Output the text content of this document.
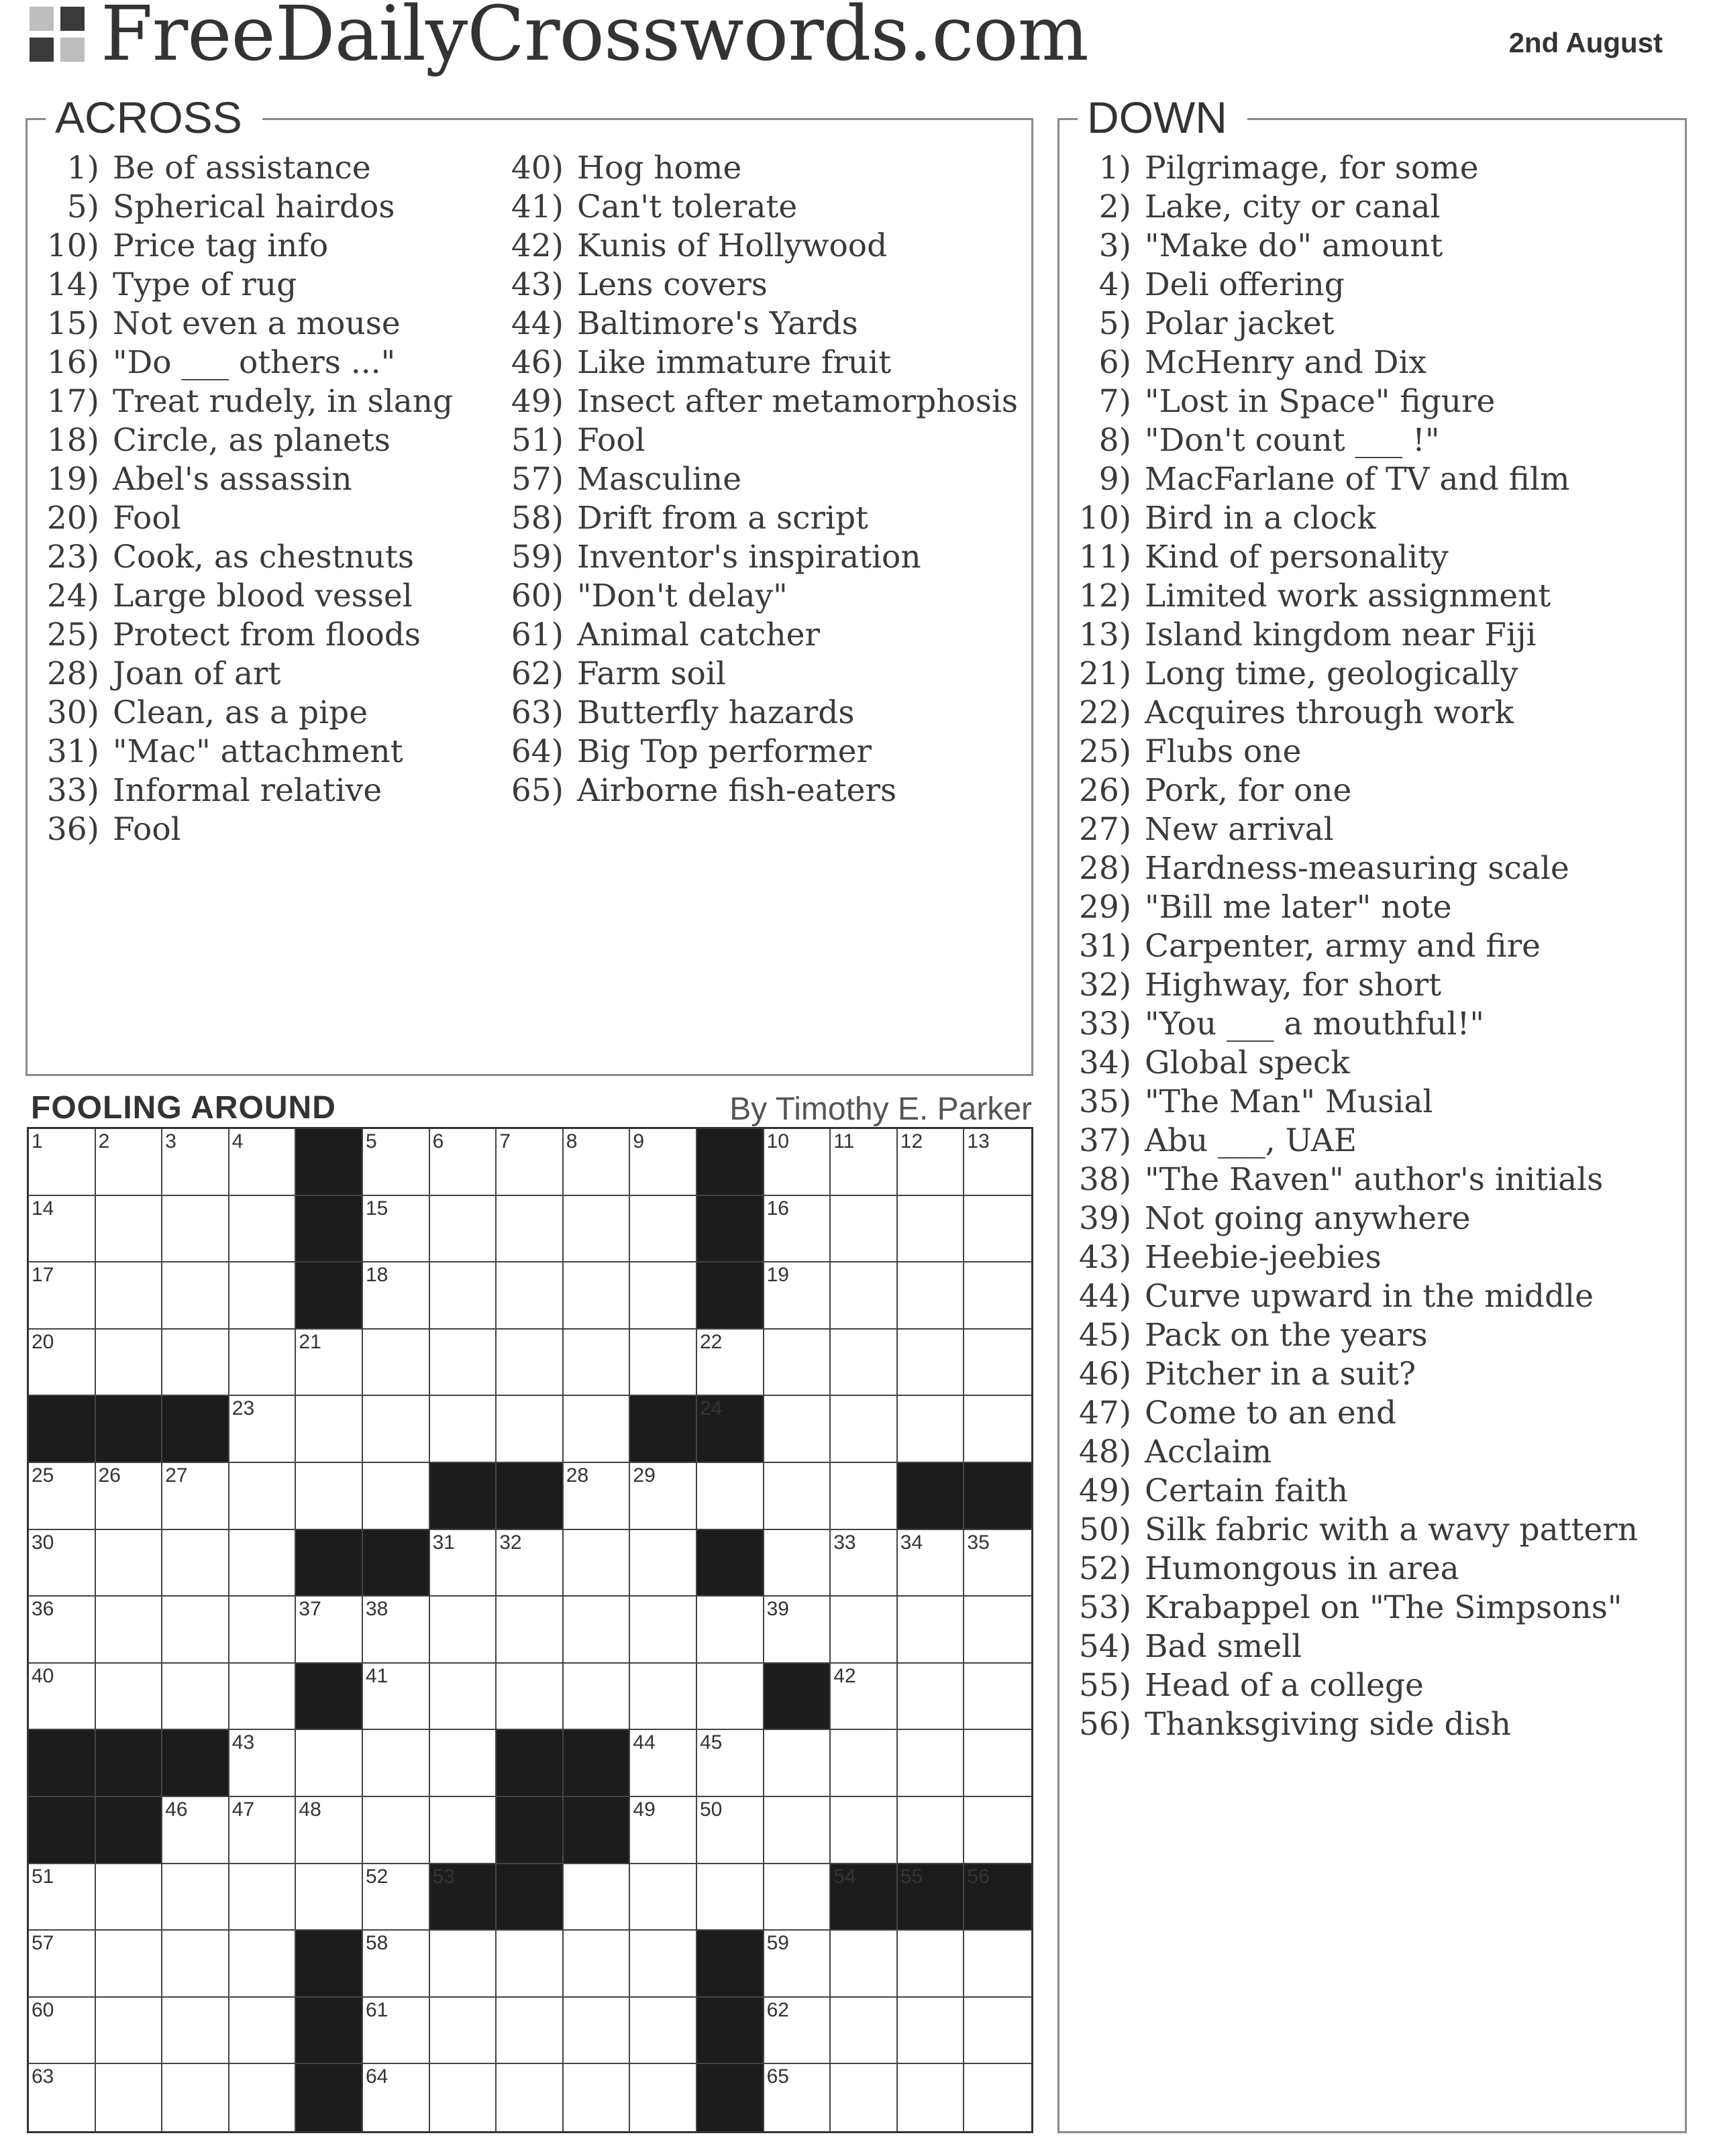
FreeDailyCrosswords.com	2nd August
ACROSS
1) Be of assistance
5) Spherical hairdos
10) Price tag info
14) Type of rug
15) Not even a mouse
16) "Do ___ others ..."
17) Treat rudely, in slang
18) Circle, as planets
19) Abel's assassin
20) Fool
23) Cook, as chestnuts
24) Large blood vessel
25) Protect from floods
28) Joan of art
30) Clean, as a pipe
31) "Mac" attachment
33) Informal relative
36) Fool
40) Hog home
41) Can't tolerate
42) Kunis of Hollywood
43) Lens covers
44) Baltimore's Yards
46) Like immature fruit
49) Insect after metamorphosis
51) Fool
57) Masculine
58) Drift from a script
59) Inventor's inspiration
60) "Don't delay"
61) Animal catcher
62) Farm soil
63) Butterfly hazards
64) Big Top performer
65) Airborne fish-eaters
DOWN
1) Pilgrimage, for some
2) Lake, city or canal
3) "Make do" amount
4) Deli offering
5) Polar jacket
6) McHenry and Dix
7) "Lost in Space" figure
8) "Don't count ___ !"
9) MacFarlane of TV and film
10) Bird in a clock
11) Kind of personality
12) Limited work assignment
13) Island kingdom near Fiji
21) Long time, geologically
22) Acquires through work
25) Flubs one
26) Pork, for one
27) New arrival
28) Hardness-measuring scale
29) "Bill me later" note
31) Carpenter, army and fire
32) Highway, for short
33) "You ___ a mouthful!"
34) Global speck
35) "The Man" Musial
37) Abu ___, UAE
38) "The Raven" author's initials
39) Not going anywhere
43) Heebie-jeebies
44) Curve upward in the middle
45) Pack on the years
46) Pitcher in a suit?
47) Come to an end
48) Acclaim
49) Certain faith
50) Silk fabric with a wavy pattern
52) Humongous in area
53) Krabappel on "The Simpsons"
54) Bad smell
55) Head of a college
56) Thanksgiving side dish
FOOLING AROUND	By Timothy E. Parker
1	2	3	4	5	6	7	8	9	10 11 12 13
14	15	16
17	18	19
20	21	22
23	24
25 26 27	28 29
30	31 32	33 34 35
36	37 38	39
40	41	42
43	44 45
46 47 48	49 50
51	52 53	54 55 56
57	58	59
60	61	62
63	64	65
